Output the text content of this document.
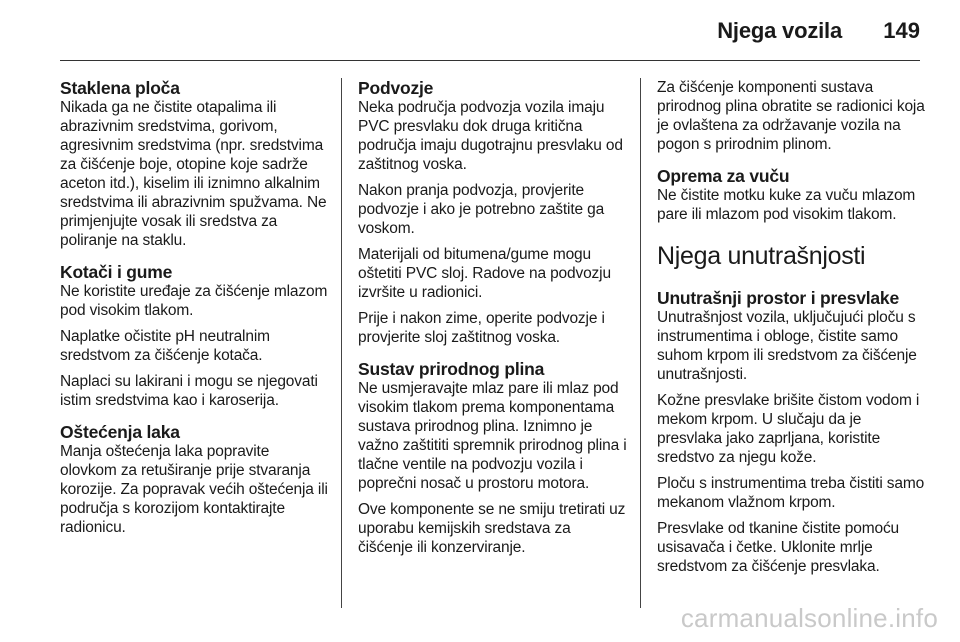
Njega vozila 149
Staklena ploča
Nikada ga ne čistite otapalima ili abrazivnim sredstvima, gorivom, agresivnim sredstvima (npr. sredstvima za čišćenje boje, otopine koje sadrže aceton itd.), kiselim ili iznimno alkalnim sredstvima ili abrazivnim spužvama. Ne primjenjujte vosak ili sredstva za poliranje na staklu.
Kotači i gume
Ne koristite uređaje za čišćenje mlazom pod visokim tlakom.
Naplatke očistite pH neutralnim sredstvom za čišćenje kotača.
Naplaci su lakirani i mogu se njegovati istim sredstvima kao i karoserija.
Oštećenja laka
Manja oštećenja laka popravite olovkom za retuširanje prije stvaranja korozije. Za popravak većih oštećenja ili područja s korozijom kontaktirajte radionicu.
Podvozje
Neka područja podvozja vozila imaju PVC presvlaku dok druga kritična područja imaju dugotrajnu presvlaku od zaštitnog voska.
Nakon pranja podvozja, provjerite podvozje i ako je potrebno zaštite ga voskom.
Materijali od bitumena/gume mogu oštetiti PVC sloj. Radove na podvozju izvršite u radionici.
Prije i nakon zime, operite podvozje i provjerite sloj zaštitnog voska.
Sustav prirodnog plina
Ne usmjeravajte mlaz pare ili mlaz pod visokim tlakom prema komponentama sustava prirodnog plina. Iznimno je važno zaštititi spremnik prirodnog plina i tlačne ventile na podvozju vozila i poprečni nosač u prostoru motora.
Ove komponente se ne smiju tretirati uz uporabu kemijskih sredstava za čišćenje ili konzerviranje.
Za čišćenje komponenti sustava prirodnog plina obratite se radionici koja je ovlaštena za održavanje vozila na pogon s prirodnim plinom.
Oprema za vuču
Ne čistite motku kuke za vuču mlazom pare ili mlazom pod visokim tlakom.
Njega unutrašnjosti
Unutrašnji prostor i presvlake
Unutrašnjost vozila, uključujući ploču s instrumentima i obloge, čistite samo suhom krpom ili sredstvom za čišćenje unutrašnjosti.
Kožne presvlake brišite čistom vodom i mekom krpom. U slučaju da je presvlaka jako zaprljana, koristite sredstvo za njegu kože.
Ploču s instrumentima treba čistiti samo mekanom vlažnom krpom.
Presvlake od tkanine čistite pomoću usisavača i četke. Uklonite mrlje sredstvom za čišćenje presvlaka.
carmanualsonline.info
